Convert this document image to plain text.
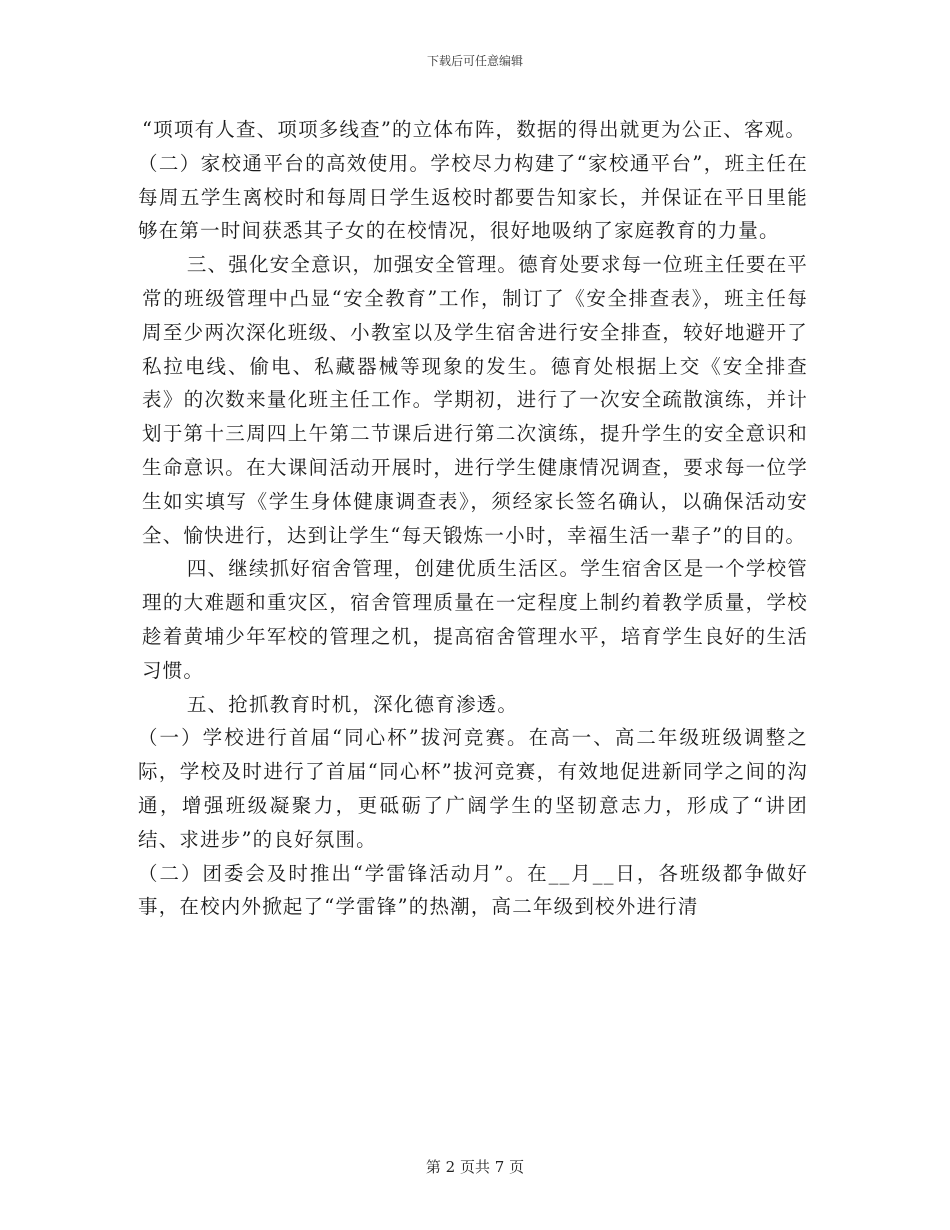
下载后可任意编辑

“项项有人查、项项多线查”的立体布阵，数据的得出就更为公正、客观。

（二）家校通平台的高效使用。学校尽力构建了“家校通平台”，班主任在每周五学生离校时和每周日学生返校时都要告知家长，并保证在平日里能够在第一时间获悉其子女的在校情况，很好地吸纳了家庭教育的力量。

三、强化安全意识，加强安全管理。德育处要求每一位班主任要在平常的班级管理中凸显“安全教育”工作，制订了《安全排查表》，班主任每周至少两次深化班级、小教室以及学生宿舍进行安全排查，较好地避开了私拉电线、偷电、私藏器械等现象的发生。德育处根据上交《安全排查表》的次数来量化班主任工作。学期初，进行了一次安全疏散演练，并计划于第十三周四上午第二节课后进行第二次演练，提升学生的安全意识和生命意识。在大课间活动开展时，进行学生健康情况调查，要求每一位学生如实填写《学生身体健康调查表》，须经家长签名确认，以确保活动安全、愉快进行，达到让学生“每天锻炼一小时，幸福生活一辈子”的目的。

四、继续抓好宿舍管理，创建优质生活区。学生宿舍区是一个学校管理的大难题和重灾区，宿舍管理质量在一定程度上制约着教学质量，学校趁着黄埔少年军校的管理之机，提高宿舍管理水平，培育学生良好的生活习惯。

五、抢抓教育时机，深化德育渗透。

（一）学校进行首届“同心杯”拔河竞赛。在高一、高二年级班级调整之际，学校及时进行了首届“同心杯”拔河竞赛，有效地促进新同学之间的沟通，增强班级凝聚力，更砥砺了广阔学生的坚韧意志力，形成了“讲团结、求进步”的良好氛围。

（二）团委会及时推出“学雷锋活动月”。在__月__日，各班级都争做好事，在校内外掀起了“学雷锋”的热潮，高二年级到校外进行清

第 2 页共 7 页
